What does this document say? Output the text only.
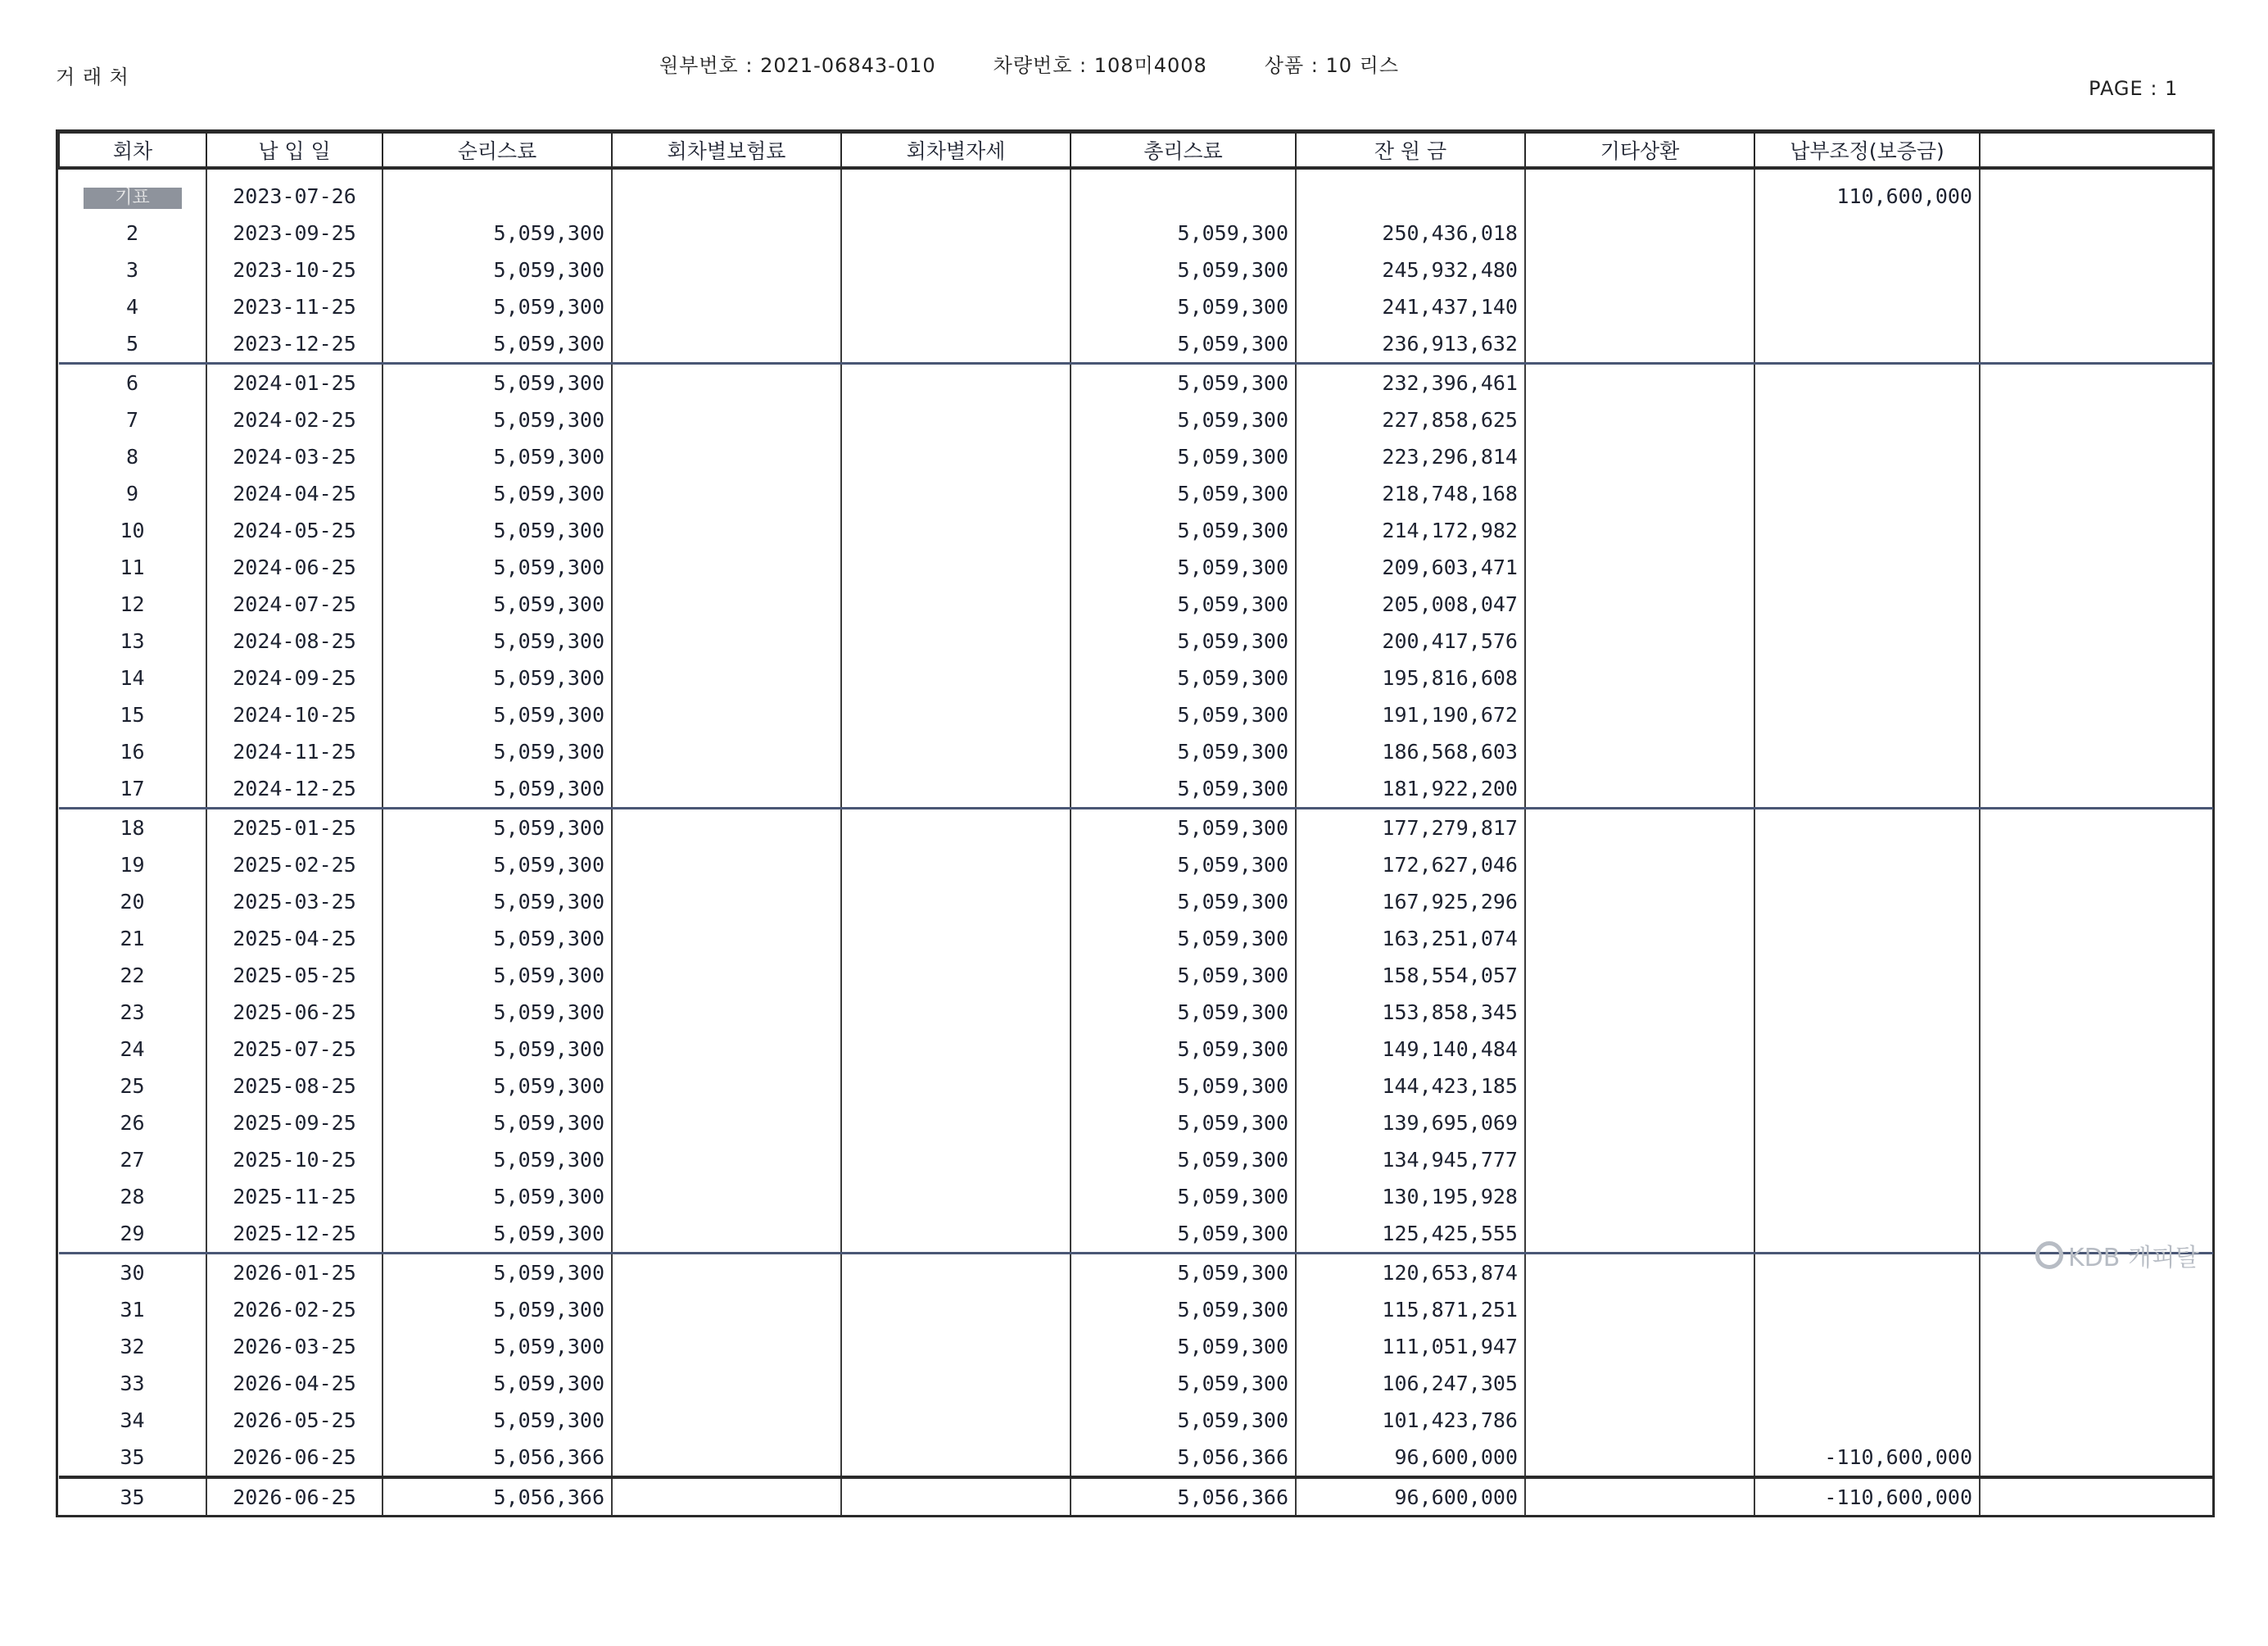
거 래 처	원부번호 : 2021-06843-010	차량번호 : 108미4008	상품 : 10 리스
PAGE : 1
회차	납 입 일	순리스료	회차별보험료	회차별자세	총리스료	잔 원 금	기타상환	납부조정(보증금)	
기표	2023-07-26							110,600,000	
2	2023-09-25	5,059,300			5,059,300	250,436,018			
3	2023-10-25	5,059,300			5,059,300	245,932,480			
4	2023-11-25	5,059,300			5,059,300	241,437,140			
5	2023-12-25	5,059,300			5,059,300	236,913,632			
6	2024-01-25	5,059,300			5,059,300	232,396,461			
7	2024-02-25	5,059,300			5,059,300	227,858,625			
8	2024-03-25	5,059,300			5,059,300	223,296,814			
9	2024-04-25	5,059,300			5,059,300	218,748,168			
10	2024-05-25	5,059,300			5,059,300	214,172,982			
11	2024-06-25	5,059,300			5,059,300	209,603,471			
12	2024-07-25	5,059,300			5,059,300	205,008,047			
13	2024-08-25	5,059,300			5,059,300	200,417,576			
14	2024-09-25	5,059,300			5,059,300	195,816,608			
15	2024-10-25	5,059,300			5,059,300	191,190,672			
16	2024-11-25	5,059,300			5,059,300	186,568,603			
17	2024-12-25	5,059,300			5,059,300	181,922,200			
18	2025-01-25	5,059,300			5,059,300	177,279,817			
19	2025-02-25	5,059,300			5,059,300	172,627,046			
20	2025-03-25	5,059,300			5,059,300	167,925,296			
21	2025-04-25	5,059,300			5,059,300	163,251,074			
22	2025-05-25	5,059,300			5,059,300	158,554,057			
23	2025-06-25	5,059,300			5,059,300	153,858,345			
24	2025-07-25	5,059,300			5,059,300	149,140,484			
25	2025-08-25	5,059,300			5,059,300	144,423,185			
26	2025-09-25	5,059,300			5,059,300	139,695,069			
27	2025-10-25	5,059,300			5,059,300	134,945,777			
28	2025-11-25	5,059,300			5,059,300	130,195,928			
29	2025-12-25	5,059,300			5,059,300	125,425,555			
30	2026-01-25	5,059,300			5,059,300	120,653,874			
31	2026-02-25	5,059,300			5,059,300	115,871,251			
32	2026-03-25	5,059,300			5,059,300	111,051,947			
33	2026-04-25	5,059,300			5,059,300	106,247,305			
34	2026-05-25	5,059,300			5,059,300	101,423,786			
35	2026-06-25	5,056,366			5,056,366	96,600,000		-110,600,000	
35	2026-06-25	5,056,366			5,056,366	96,600,000		-110,600,000	
KDB 캐피탈
